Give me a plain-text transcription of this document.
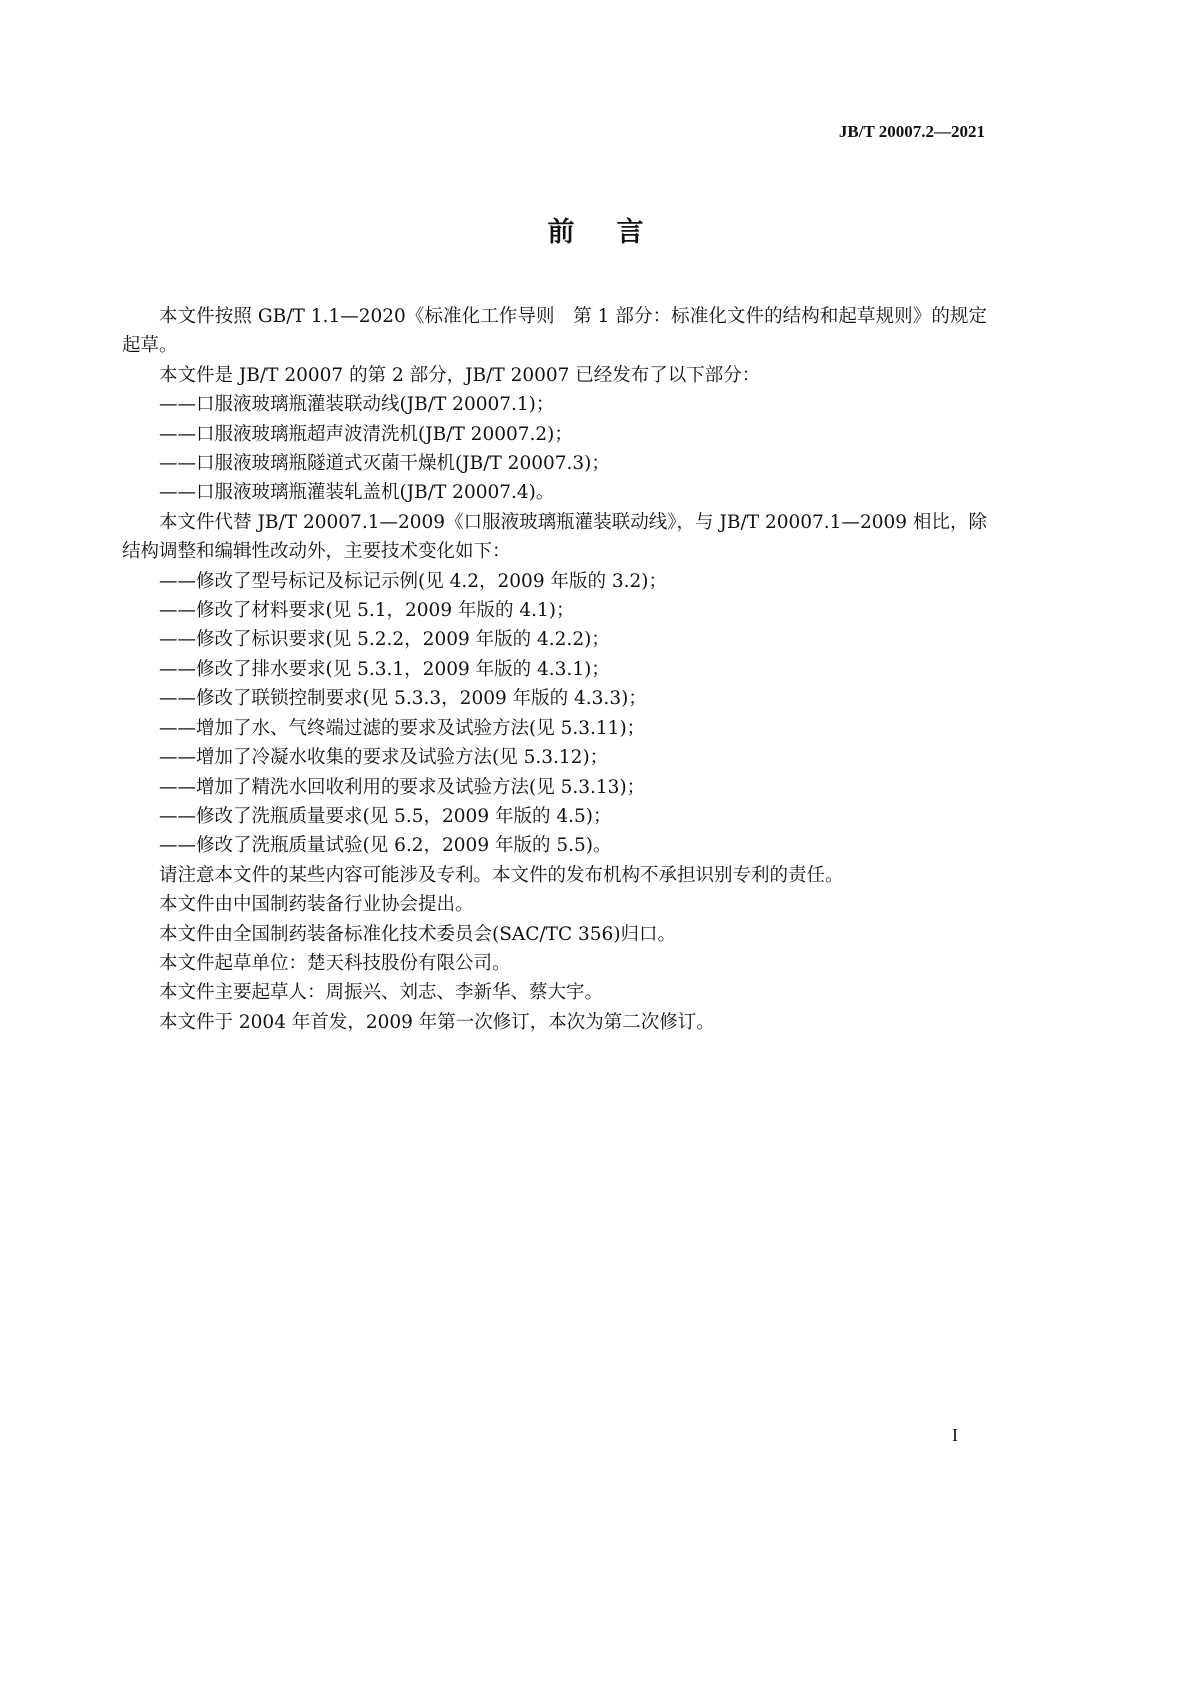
JB/T 20007.2—2021
前言

本文件按照 GB/T 1.1—2020《标准化工作导则　第 1 部分：标准化文件的结构和起草规则》的规定起草。

本文件是 JB/T 20007 的第 2 部分，JB/T 20007 已经发布了以下部分：

——口服液玻璃瓶灌装联动线(JB/T 20007.1)；

——口服液玻璃瓶超声波清洗机(JB/T 20007.2)；

——口服液玻璃瓶隧道式灭菌干燥机(JB/T 20007.3)；

——口服液玻璃瓶灌装轧盖机(JB/T 20007.4)。

本文件代替 JB/T 20007.1—2009《口服液玻璃瓶灌装联动线》，与 JB/T 20007.1—2009 相比，除结构调整和编辑性改动外，主要技术变化如下：

——修改了型号标记及标记示例(见 4.2，2009 年版的 3.2)；

——修改了材料要求(见 5.1，2009 年版的 4.1)；

——修改了标识要求(见 5.2.2，2009 年版的 4.2.2)；

——修改了排水要求(见 5.3.1，2009 年版的 4.3.1)；

——修改了联锁控制要求(见 5.3.3，2009 年版的 4.3.3)；

——增加了水、气终端过滤的要求及试验方法(见 5.3.11)；

——增加了冷凝水收集的要求及试验方法(见 5.3.12)；

——增加了精洗水回收利用的要求及试验方法(见 5.3.13)；

——修改了洗瓶质量要求(见 5.5，2009 年版的 4.5)；

——修改了洗瓶质量试验(见 6.2，2009 年版的 5.5)。

请注意本文件的某些内容可能涉及专利。本文件的发布机构不承担识别专利的责任。

本文件由中国制药装备行业协会提出。

本文件由全国制药装备标准化技术委员会(SAC/TC 356)归口。

本文件起草单位：楚天科技股份有限公司。

本文件主要起草人：周振兴、刘志、李新华、蔡大宇。

本文件于 2004 年首发，2009 年第一次修订，本次为第二次修订。

I
